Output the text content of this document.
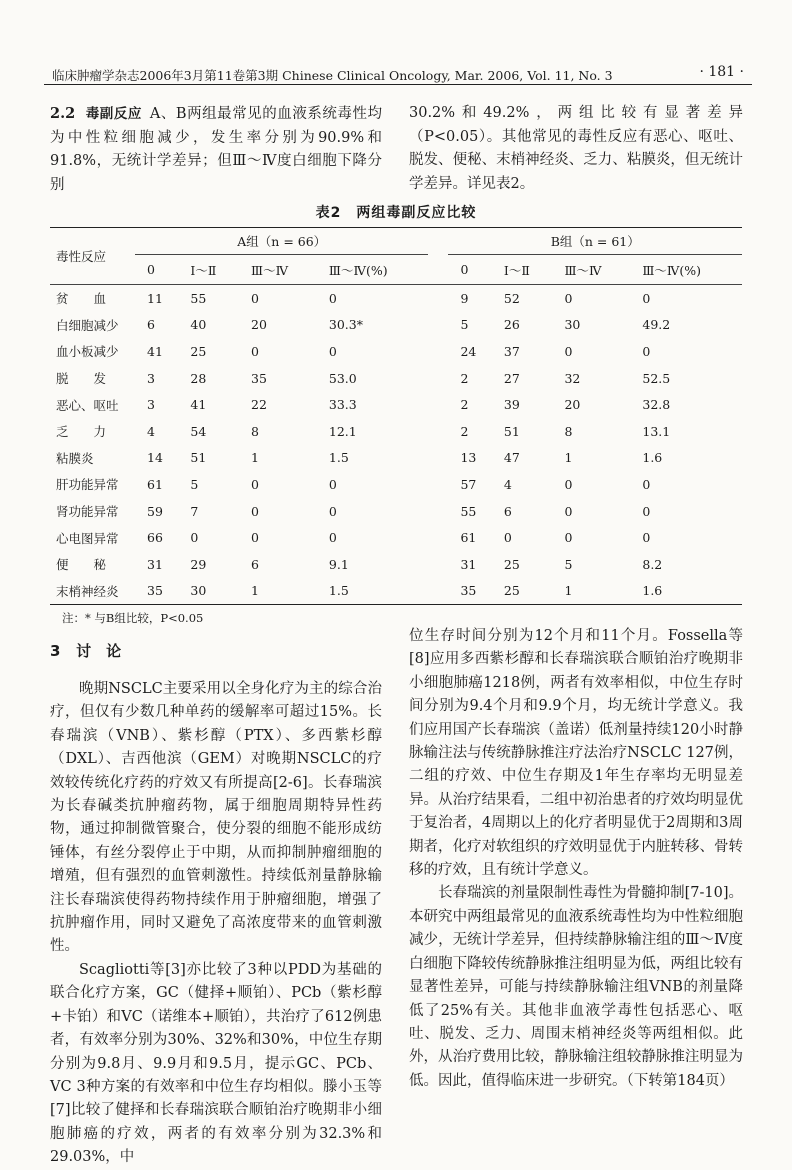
临床肿瘤学杂志2006年3月第11卷第3期 Chinese Clinical Oncology, Mar. 2006, Vol. 11, No. 3	· 181 ·

2.2 毒副反应 A、B两组最常见的血液系统毒性均为中性粒细胞减少，发生率分别为90.9%和91.8%，无统计学差异；但Ⅲ～Ⅳ度白细胞下降分别

30.2%和49.2%，两组比较有显著差异（P<0.05）。其他常见的毒性反应有恶心、呕吐、脱发、便秘、末梢神经炎、乏力、粘膜炎，但无统计学差异。详见表2。

表2　两组毒副反应比较
毒性反应	A组（n = 66）					B组（n = 61）			
	0	Ⅰ～Ⅱ	Ⅲ～Ⅳ	Ⅲ～Ⅳ(%)		0	Ⅰ～Ⅱ	Ⅲ～Ⅳ	Ⅲ～Ⅳ(%)
贫　　血	11	55	0	0		9	52	0	0
白细胞减少	6	40	20	30.3*		5	26	30	49.2
血小板减少	41	25	0	0		24	37	0	0
脱　　发	3	28	35	53.0		2	27	32	52.5
恶心、呕吐	3	41	22	33.3		2	39	20	32.8
乏　　力	4	54	8	12.1		2	51	8	13.1
粘膜炎	14	51	1	1.5		13	47	1	1.6
肝功能异常	61	5	0	0		57	4	0	0
肾功能异常	59	7	0	0		55	6	0	0
心电图异常	66	0	0	0		61	0	0	0
便　　秘	31	29	6	9.1		31	25	5	8.2
末梢神经炎	35	30	1	1.5		35	25	1	1.6
注：* 与B组比较，P<0.05
3 讨　论

晚期NSCLC主要采用以全身化疗为主的综合治疗，但仅有少数几种单药的缓解率可超过15%。长春瑞滨（VNB）、紫杉醇（PTX）、多西紫杉醇（DXL）、吉西他滨（GEM）对晚期NSCLC的疗效较传统化疗药的疗效又有所提高[2-6]。长春瑞滨为长春碱类抗肿瘤药物，属于细胞周期特异性药物，通过抑制微管聚合，使分裂的细胞不能形成纺锤体，有丝分裂停止于中期，从而抑制肿瘤细胞的增殖，但有强烈的血管刺激性。持续低剂量静脉输注长春瑞滨使得药物持续作用于肿瘤细胞，增强了抗肿瘤作用，同时又避免了高浓度带来的血管刺激性。

Scagliotti等[3]亦比较了3种以PDD为基础的联合化疗方案，GC（健择+顺铂）、PCb（紫杉醇+卡铂）和VC（诺维本+顺铂），共治疗了612例患者，有效率分别为30%、32%和30%，中位生存期分别为9.8月、9.9月和9.5月，提示GC、PCb、VC 3种方案的有效率和中位生存均相似。滕小玉等[7]比较了健择和长春瑞滨联合顺铂治疗晚期非小细胞肺癌的疗效，两者的有效率分别为32.3%和29.03%，中

位生存时间分别为12个月和11个月。Fossella等[8]应用多西紫杉醇和长春瑞滨联合顺铂治疗晚期非小细胞肺癌1218例，两者有效率相似，中位生存时间分别为9.4个月和9.9个月，均无统计学意义。我们应用国产长春瑞滨（盖诺）低剂量持续120小时静脉输注法与传统静脉推注疗法治疗NSCLC 127例，二组的疗效、中位生存期及1年生存率均无明显差异。从治疗结果看，二组中初治患者的疗效均明显优于复治者，4周期以上的化疗者明显优于2周期和3周期者，化疗对软组织的疗效明显优于内脏转移、骨转移的疗效，且有统计学意义。

长春瑞滨的剂量限制性毒性为骨髓抑制[7-10]。本研究中两组最常见的血液系统毒性均为中性粒细胞减少，无统计学差异，但持续静脉输注组的Ⅲ～Ⅳ度白细胞下降较传统静脉推注组明显为低，两组比较有显著性差异，可能与持续静脉输注组VNB的剂量降低了25%有关。其他非血液学毒性包括恶心、呕吐、脱发、乏力、周围末梢神经炎等两组相似。此外，从治疗费用比较，静脉输注组较静脉推注明显为低。因此，值得临床进一步研究。（下转第184页）
